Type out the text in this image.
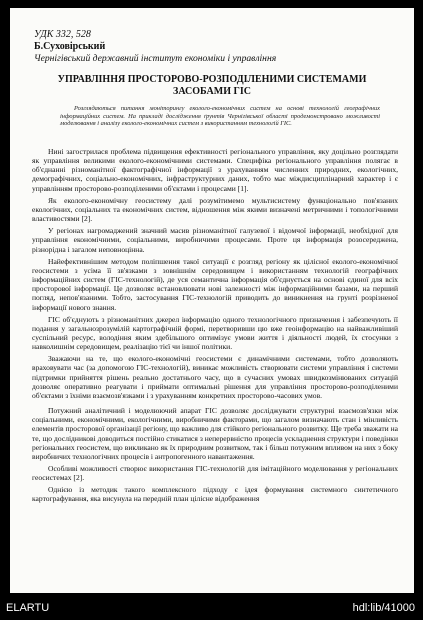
УДК 332, 528
Б.Суховірський
Чернігівський державний інститут економіки і управління
УПРАВЛІННЯ ПРОСТОРОВО-РОЗПОДІЛЕНИМИ СИСТЕМАМИ ЗАСОБАМИ ГІС

Розглядаються питання моніторингу еколого-економічних систем на основі технологій географічних інформаційних систем. На прикладі дослідження ґрунтів Чернігівської області продемонстровано можливості моделювання і аналізу еколого-економічних систем з використанням технологій ГІС.

Нині загострилася проблема підвищення ефективності регіонального управління, яку доцільно розглядати як управління великими еколого-економічними системами. Специфіка регіонального управління полягає в об'єднанні різноманітної фактографічної інформації з урахуванням численних природних, екологічних, демографічних, соціально-економічних, інфраструктурних даних, тобто має міждисциплінарний характер і є управлінням просторово-розподіленими об'єктами і процесами [1].

Як еколого-економічну геосистему далі розумітимемо мультисистему функціонально пов'язаних екологічних, соціальних та економічних систем, відношення між якими визначені метричними і топологічними властивостями [2].

У регіонах нагромаджений значний масив різноманітної галузевої і відомчої інформації, необхідної для управління економічними, соціальними, виробничими процесами. Проте ця інформація розосереджена, різнорідна і загалом неповноцінна.

Найефективнішим методом поліпшення такої ситуації є розгляд регіону як цілісної еколого-економічної геосистеми з усіма її зв'язками з зовнішнім середовищем і використанням технологій географічних інформаційних систем (ГІС-технологій), де уся семантична інформація об'єднується на основі єдиної для всіх просторової інформації. Це дозволяє встановлювати нові залежності між інформаційними базами, на перший погляд, непов'язаними. Тобто, застосування ГІС-технологій приводить до виникнення на грунті розрізненої інформації нового знання.

ГІС об'єднують з різноманітних джерел інформацію одного технологічного призначення і забезпечують її подання у загальнозрозумілій картографічній формі, перетворивши цю вже геоінформацію на найважливіший суспільний ресурс, володіння яким здебільшого оптимізує умови життя і діяльності людей, їх стосунки з навколишнім середовищем, реалізацію тієї чи іншої політики.

Зважаючи на те, що еколого-економічні геосистеми є динамічними системами, тобто дозволяють враховувати час (за допомогою ГІС-технологій), виникає можливість створювати системи управління і системи підтримки прийняття рішень реально достатнього часу, що в сучасних умовах швидкозмінюваних ситуацій дозволяє оперативно реагувати і приймати оптимальні рішення для управління просторово-розподіленими об'єктами з їхніми взаємозв'язками і з урахуванням конкретних просторово-часових умов.

Потужний аналітичний і моделюючий апарат ГІС дозволяє досліджувати структурні взаємозв'язки між соціальними, економічними, екологічними, виробничими факторами, що загалом визначають стан і мінливість елементів просторової організації регіону, що важливо для стійкого регіонального розвитку. Ще треба зважати на те, що дослідникові доводиться постійно стикатися з неперервністю процесів ускладнення структури і поведінки регіональних геосистем, що викликано як їх природним розвитком, так і більш потужним впливом на них з боку виробничих технологічних процесів і антропогенного навантаження.

Особливі можливості створює використання ГІС-технологій для імітаційного моделювання у регіональних геосистемах [2].

Однією із методик такого комплексного підходу є ідея формування системного синтетичного картографування, яка висунула на передній план цілісне відображення

ELARTU	hdl:lib/41000
